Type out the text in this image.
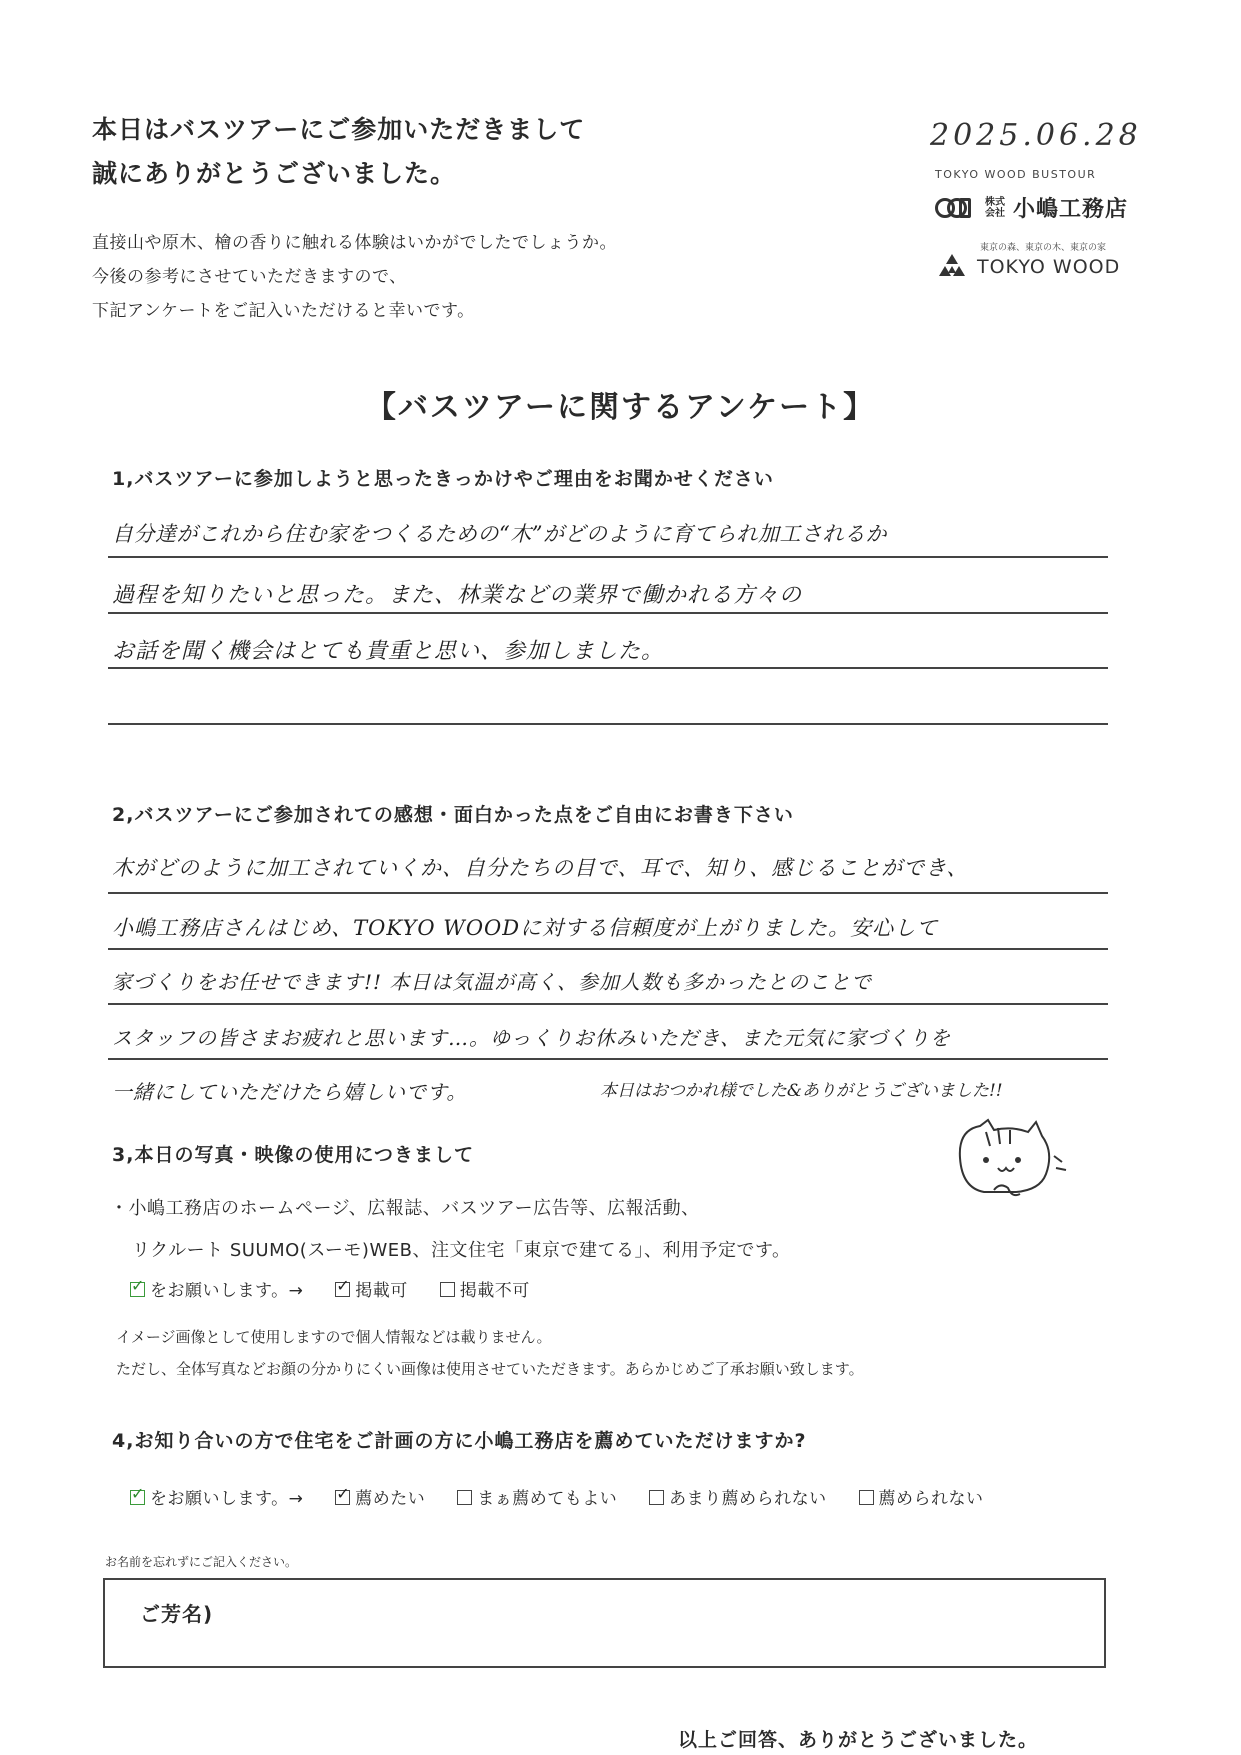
本日はバスツアーにご参加いただきまして
誠にありがとうございました。
直接山や原木、檜の香りに触れる体験はいかがでしたでしょうか。
今後の参考にさせていただきますので、
下記アンケートをご記入いただけると幸いです。
2025.06.28
TOKYO WOOD BUSTOUR
株式会社 小嶋工務店
東京の森、東京の木、東京の家
TOKYO WOOD
【バスツアーに関するアンケート】
1,バスツアーに参加しようと思ったきっかけやご理由をお聞かせください
自分達がこれから住む家をつくるための“木”がどのように育てられ加工されるか
過程を知りたいと思った。また、林業などの業界で働かれる方々の
お話を聞く機会はとても貴重と思い、参加しました。
2,バスツアーにご参加されての感想・面白かった点をご自由にお書き下さい
木がどのように加工されていくか、自分たちの目で、耳で、知り、感じることができ、
小嶋工務店さんはじめ、TOKYO WOODに対する信頼度が上がりました。安心して
家づくりをお任せできます!! 本日は気温が高く、参加人数も多かったとのことで
スタッフの皆さまお疲れと思います…。ゆっくりお休みいただき、また元気に家づくりを
一緒にしていただけたら嬉しいです。	本日はおつかれ様でした&ありがとうございました!!
3,本日の写真・映像の使用につきまして
・小嶋工務店のホームページ、広報誌、バスツアー広告等、広報活動、
リクルート SUUMO(スーモ)WEB、注文住宅「東京で建てる」、利用予定です。
✓をお願いします。→ ✓	掲載可	掲載不可
イメージ画像として使用しますので個人情報などは載りません。
ただし、全体写真などお顔の分かりにくい画像は使用させていただきます。あらかじめご了承お願い致します。
4,お知り合いの方で住宅をご計画の方に小嶋工務店を薦めていただけますか?
✓をお願いします。→ ✓	薦めたい	まぁ薦めてもよい	あまり薦められない	薦められない
お名前を忘れずにご記入ください。
ご芳名)
以上ご回答、ありがとうございました。
